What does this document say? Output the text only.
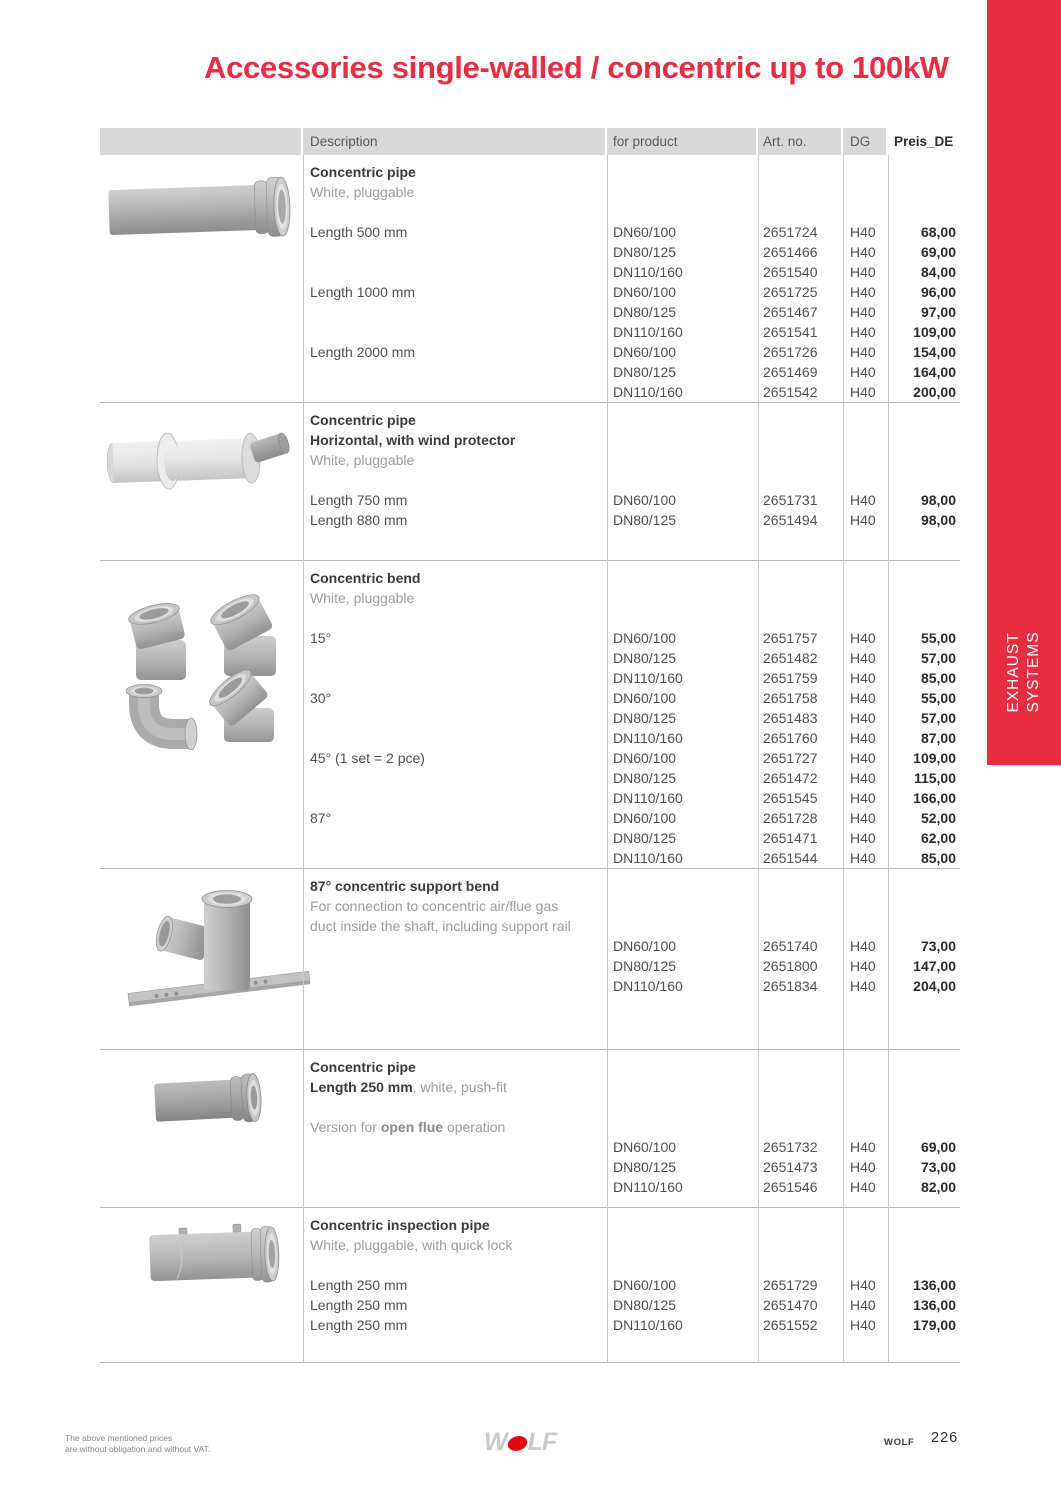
EXHAUST SYSTEMS
Accessories single-walled / concentric up to 100kW
Description	for product	Art. no.	DG	Preis_DE
Concentric pipe
White, pluggable
Length 500 mm	DN60/100	2651724	H40	68,00
DN80/125	2651466	H40	69,00
DN110/160	2651540	H40	84,00
Length 1000 mm	DN60/100	2651725	H40	96,00
DN80/125	2651467	H40	97,00
DN110/160	2651541	H40	109,00
Length 2000 mm	DN60/100	2651726	H40	154,00
DN80/125	2651469	H40	164,00
DN110/160	2651542	H40	200,00
Concentric pipe
Horizontal, with wind protector
White, pluggable
Length 750 mm	DN60/100	2651731	H40	98,00
Length 880 mm	DN80/125	2651494	H40	98,00
Concentric bend
White, pluggable
15°	DN60/100	2651757	H40	55,00
DN80/125	2651482	H40	57,00
DN110/160	2651759	H40	85,00
30°	DN60/100	2651758	H40	55,00
DN80/125	2651483	H40	57,00
DN110/160	2651760	H40	87,00
45° (1 set = 2 pce)	DN60/100	2651727	H40	109,00
DN80/125	2651472	H40	115,00
DN110/160	2651545	H40	166,00
87°	DN60/100	2651728	H40	52,00
DN80/125	2651471	H40	62,00
DN110/160	2651544	H40	85,00
87° concentric support bend
For connection to concentric air/flue gas
duct inside the shaft, including support rail
DN60/100	2651740	H40	73,00
DN80/125	2651800	H40	147,00
DN110/160	2651834	H40	204,00
Concentric pipe
Length 250 mm, white, push-fit
Version for open flue operation
DN60/100	2651732	H40	69,00
DN80/125	2651473	H40	73,00
DN110/160	2651546	H40	82,00
Concentric inspection pipe
White, pluggable, with quick lock
Length 250 mm	DN60/100	2651729	H40	136,00
Length 250 mm	DN80/125	2651470	H40	136,00
Length 250 mm	DN110/160	2651552	H40	179,00
The above mentioned prices
are without obligation and without VAT.	W LF	WOLF 226
